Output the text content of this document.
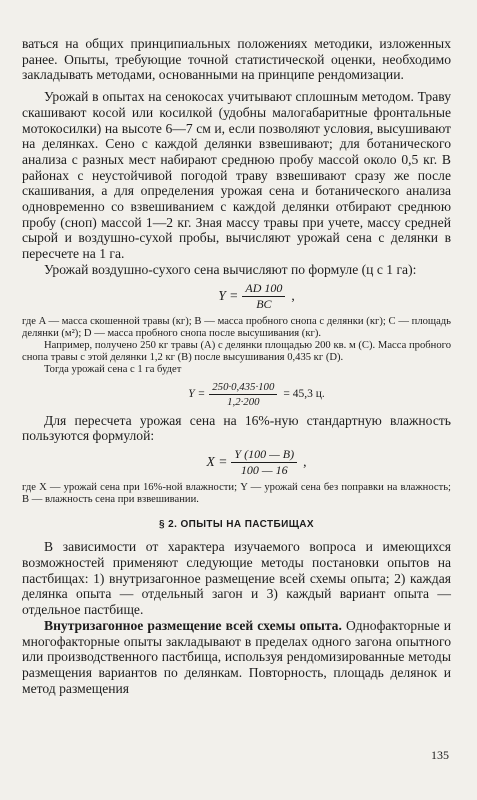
ваться на общих принципиальных положениях методики, изложенных ранее. Опыты, требующие точной статистической оценки, необходимо закладывать методами, основанными на принципе рендомизации.

Урожай в опытах на сенокосах учитывают сплошным методом. Траву скашивают косой или косилкой (удобны малогабаритные фронтальные мотокосилки) на высоте 6—7 см и, если позволяют условия, высушивают на делянках. Сено с каждой делянки взвешивают; для ботанического анализа с разных мест набирают среднюю пробу массой около 0,5 кг. В районах с неустойчивой погодой траву взвешивают сразу же после скашивания, а для определения урожая сена и ботанического анализа одновременно со взвешиванием с каждой делянки отбирают среднюю пробу (сноп) массой 1—2 кг. Зная массу травы при учете, массу средней сырой и воздушно-сухой пробы, вычисляют урожай сена с делянки в пересчете на 1 га.

Урожай воздушно-сухого сена вычисляют по формуле (ц с 1 га):

$Y = \frac{AD 100}{BC}$ ,

где A — масса скошенной травы (кг); B — масса пробного снопа с делянки (кг); C — площадь делянки (м²); D — масса пробного снопа после высушивания (кг).

Например, получено 250 кг травы (A) с делянки площадью 200 кв. м (C). Масса пробного снопа травы с этой делянки 1,2 кг (B) после высушивания 0,435 кг (D).

Тогда урожай сена с 1 га будет

$Y = \frac{250\cdot 0,435\cdot 100}{1,2\cdot 200} = 45,3$ ц.

Для пересчета урожая сена на 16%-ную стандартную влажность пользуются формулой:

$X = \frac{Y (100 — B)}{100 — 16}$ ,

где X — урожай сена при 16%-ной влажности; Y — урожай сена без поправки на влажность; B — влажность сена при взвешивании.

§ 2. ОПЫТЫ НА ПАСТБИЩАХ

В зависимости от характера изучаемого вопроса и имеющихся возможностей применяют следующие методы постановки опытов на пастбищах: 1) внутризагонное размещение всей схемы опыта; 2) каждая делянка опыта — отдельный загон и 3) каждый вариант опыта — отдельное пастбище.

Внутризагонное размещение всей схемы опыта. Однофакторные и многофакторные опыты закладывают в пределах одного загона опытного или производственного пастбища, используя рендомизированные методы размещения вариантов по делянкам. Повторность, площадь делянок и метод размещения

135
